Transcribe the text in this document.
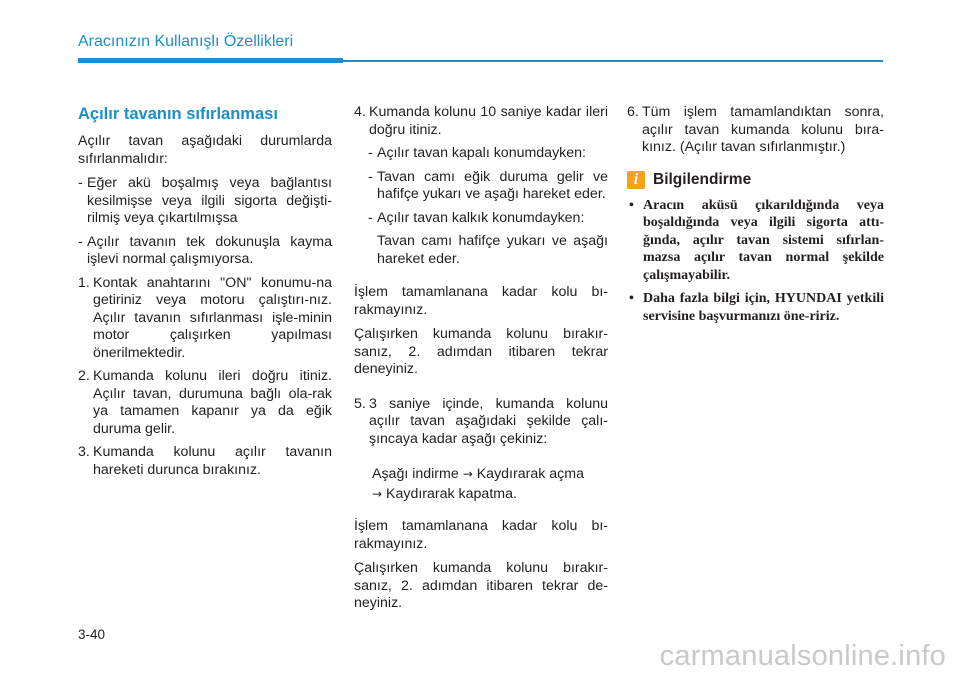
Aracınızın Kullanışlı Özellikleri
Açılır tavanın sıfırlanması
Açılır tavan aşağıdaki durumlarda sıfırlanmalıdır:
- Eğer akü boşalmış veya bağlantısı kesilmişse veya ilgili sigorta değişti-rilmiş veya çıkartılmışsa
- Açılır tavanın tek dokunuşla kayma işlevi normal çalışmıyorsa.
1. Kontak anahtarını "ON" konumu-na getiriniz veya motoru çalıştırı-nız. Açılır tavanın sıfırlanması işle-minin motor çalışırken yapılması önerilmektedir.
2. Kumanda kolunu ileri doğru itiniz. Açılır tavan, durumuna bağlı ola-rak ya tamamen kapanır ya da eğik duruma gelir.
3. Kumanda kolunu açılır tavanın hareketi durunca bırakınız.
4. Kumanda kolunu 10 saniye kadar ileri doğru itiniz.
- Açılır tavan kapalı konumdayken:
- Tavan camı eğik duruma gelir ve hafifçe yukarı ve aşağı hareket eder.
- Açılır tavan kalkık konumdayken:
Tavan camı hafifçe yukarı ve aşağı hareket eder.
İşlem tamamlanana kadar kolu bı-rakmayınız.
Çalışırken kumanda kolunu bırakır-sanız, 2. adımdan itibaren tekrar deneyiniz.
5. 3 saniye içinde, kumanda kolunu açılır tavan aşağıdaki şekilde çalı-şıncaya kadar aşağı çekiniz:
Aşağı indirme → Kaydırarak açma
→ Kaydırarak kapatma.
İşlem tamamlanana kadar kolu bı-rakmayınız.
Çalışırken kumanda kolunu bırakır-sanız, 2. adımdan itibaren tekrar de-neyiniz.
6. Tüm işlem tamamlandıktan sonra, açılır tavan kumanda kolunu bıra-kınız. (Açılır tavan sıfırlanmıştır.)
i Bilgilendirme
• Aracın aküsü çıkarıldığında veya boşaldığında veya ilgili sigorta attı-ğında, açılır tavan sistemi sıfırlan-mazsa açılır tavan normal şekilde çalışmayabilir.
• Daha fazla bilgi için, HYUNDAI yetkili servisine başvurmanızı öne-ririz.
3-40
carmanualsonline.info
